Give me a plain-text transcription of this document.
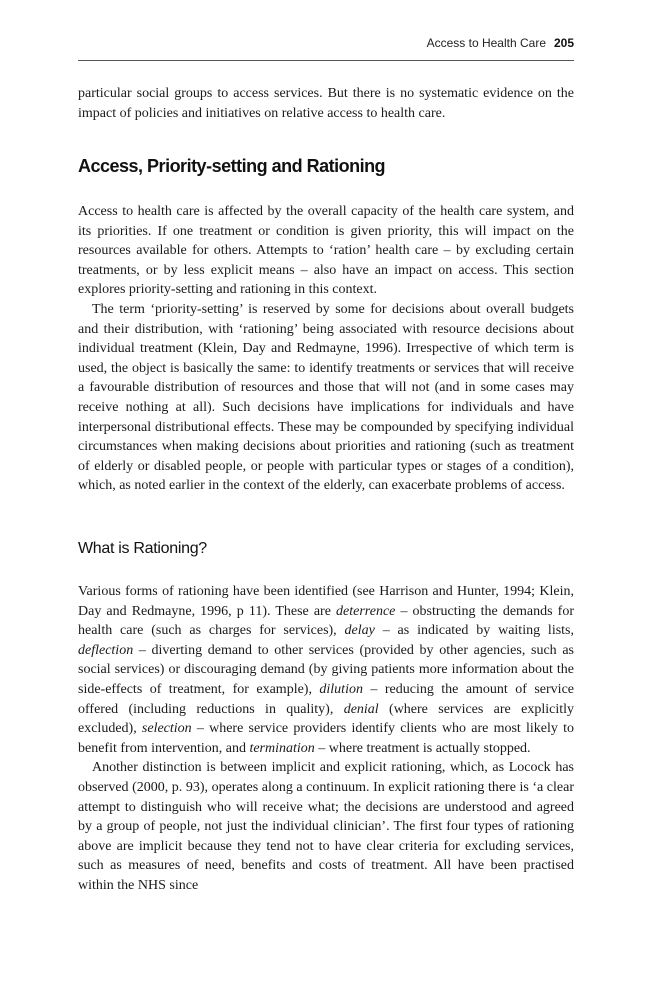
Access to Health Care 205

particular social groups to access services. But there is no systematic evidence on the impact of policies and initiatives on relative access to health care.

Access, Priority-setting and Rationing

Access to health care is affected by the overall capacity of the health care system, and its priorities. If one treatment or condition is given priority, this will impact on the resources available for others. Attempts to ‘ration’ health care – by excluding certain treatments, or by less explicit means – also have an impact on access. This section explores priority-setting and rationing in this context.

The term ‘priority-setting’ is reserved by some for decisions about overall budgets and their distribution, with ‘rationing’ being associated with resource decisions about individual treatment (Klein, Day and Redmayne, 1996). Irrespective of which term is used, the object is basically the same: to identify treatments or services that will receive a favourable distribution of resources and those that will not (and in some cases may receive nothing at all). Such decisions have implications for individuals and have interpersonal distributional effects. These may be compounded by specifying individual circumstances when making decisions about priorities and rationing (such as treatment of elderly or disabled people, or people with particular types or stages of a condition), which, as noted earlier in the context of the elderly, can exacerbate problems of access.

What is Rationing?

Various forms of rationing have been identified (see Harrison and Hunter, 1994; Klein, Day and Redmayne, 1996, p 11). These are deterrence – obstructing the demands for health care (such as charges for services), delay – as indicated by waiting lists, deflection – diverting demand to other services (provided by other agencies, such as social services) or discouraging demand (by giving patients more information about the side-effects of treatment, for example), dilution – reducing the amount of service offered (including reductions in quality), denial (where services are explicitly excluded), selection – where service providers identify clients who are most likely to benefit from intervention, and termination – where treatment is actually stopped.

Another distinction is between implicit and explicit rationing, which, as Locock has observed (2000, p. 93), operates along a continuum. In explicit rationing there is ‘a clear attempt to distinguish who will receive what; the decisions are understood and agreed by a group of people, not just the individual clinician’. The first four types of rationing above are implicit because they tend not to have clear criteria for excluding services, such as measures of need, benefits and costs of treatment. All have been practised within the NHS since
